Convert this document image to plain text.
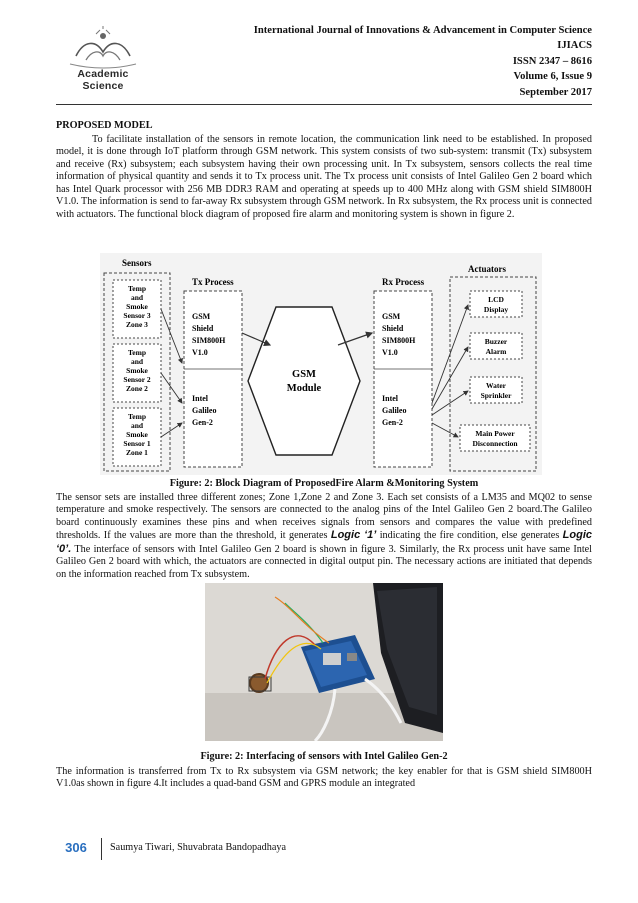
Academic Science
International Journal of Innovations & Advancement in Computer Science
IJIACS
ISSN 2347 – 8616
Volume 6, Issue 9
September 2017
PROPOSED MODEL
To facilitate installation of the sensors in remote location, the communication link need to be established. In proposed model, it is done through IoT platform through GSM network. This system consists of two sub-system: transmit (Tx) subsystem and receive (Rx) subsystem; each subsystem having their own processing unit. In Tx subsystem, sensors collects the real time information of physical quantity and sends it to Tx process unit. The Tx process unit consists of Intel Galileo Gen 2 board which has Intel Quark processor with 256 MB DDR3 RAM and operating at speeds up to 400 MHz along with GSM shield SIM800H V1.0. The information is send to far-away Rx subsystem through GSM network. In Rx subsystem, the Rx process unit is connected with actuators. The functional block diagram of proposed fire alarm and monitoring system is shown in figure 2.
Sensors
Tx Process	Rx Process
Actuators
Temp
and
Smoke
Sensor 3
Zone 3
Temp
and
Smoke
Sensor 2
Zone 2
Temp
and
Smoke
Sensor 1
Zone 1
GSM
Shield
SIM800H
V1.0
Intel
Galileo
Gen-2
GSM
Module
GSM
Shield
SIM800H
V1.0
Intel
Galileo
Gen-2
LCD
Display
Buzzer
Alarm
Water
Sprinkler
Main Power
Disconnection
Figure: 2: Block Diagram of ProposedFire Alarm &Monitoring System
The sensor sets are installed three different zones; Zone 1,Zone 2 and Zone 3. Each set consists of a LM35 and MQ02 to sense temperature and smoke respectively. The sensors are connected to the analog pins of the Intel Galileo Gen 2 board.The Galileo board continuously examines these pins and when receives signals from sensors and compares the value with predefined thresholds. If the values are more than the threshold, it generates Logic ‘1’ indicating the fire condition, else generates Logic ‘0’. The interface of sensors with Intel Galileo Gen 2 board is shown in figure 3. Similarly, the Rx process unit have same Intel Galileo Gen 2 board with which, the actuators are connected in digital output pin. The necessary actions are initiated that depends on the information reached from Tx subsystem.
Figure: 2: Interfacing of sensors with Intel Galileo Gen-2
The information is transferred from Tx to Rx subsystem via GSM network; the key enabler for that is GSM shield SIM800H V1.0as shown in figure 4.It includes a quad-band GSM and GPRS module an integrated
306	Saumya Tiwari, Shuvabrata Bandopadhaya
